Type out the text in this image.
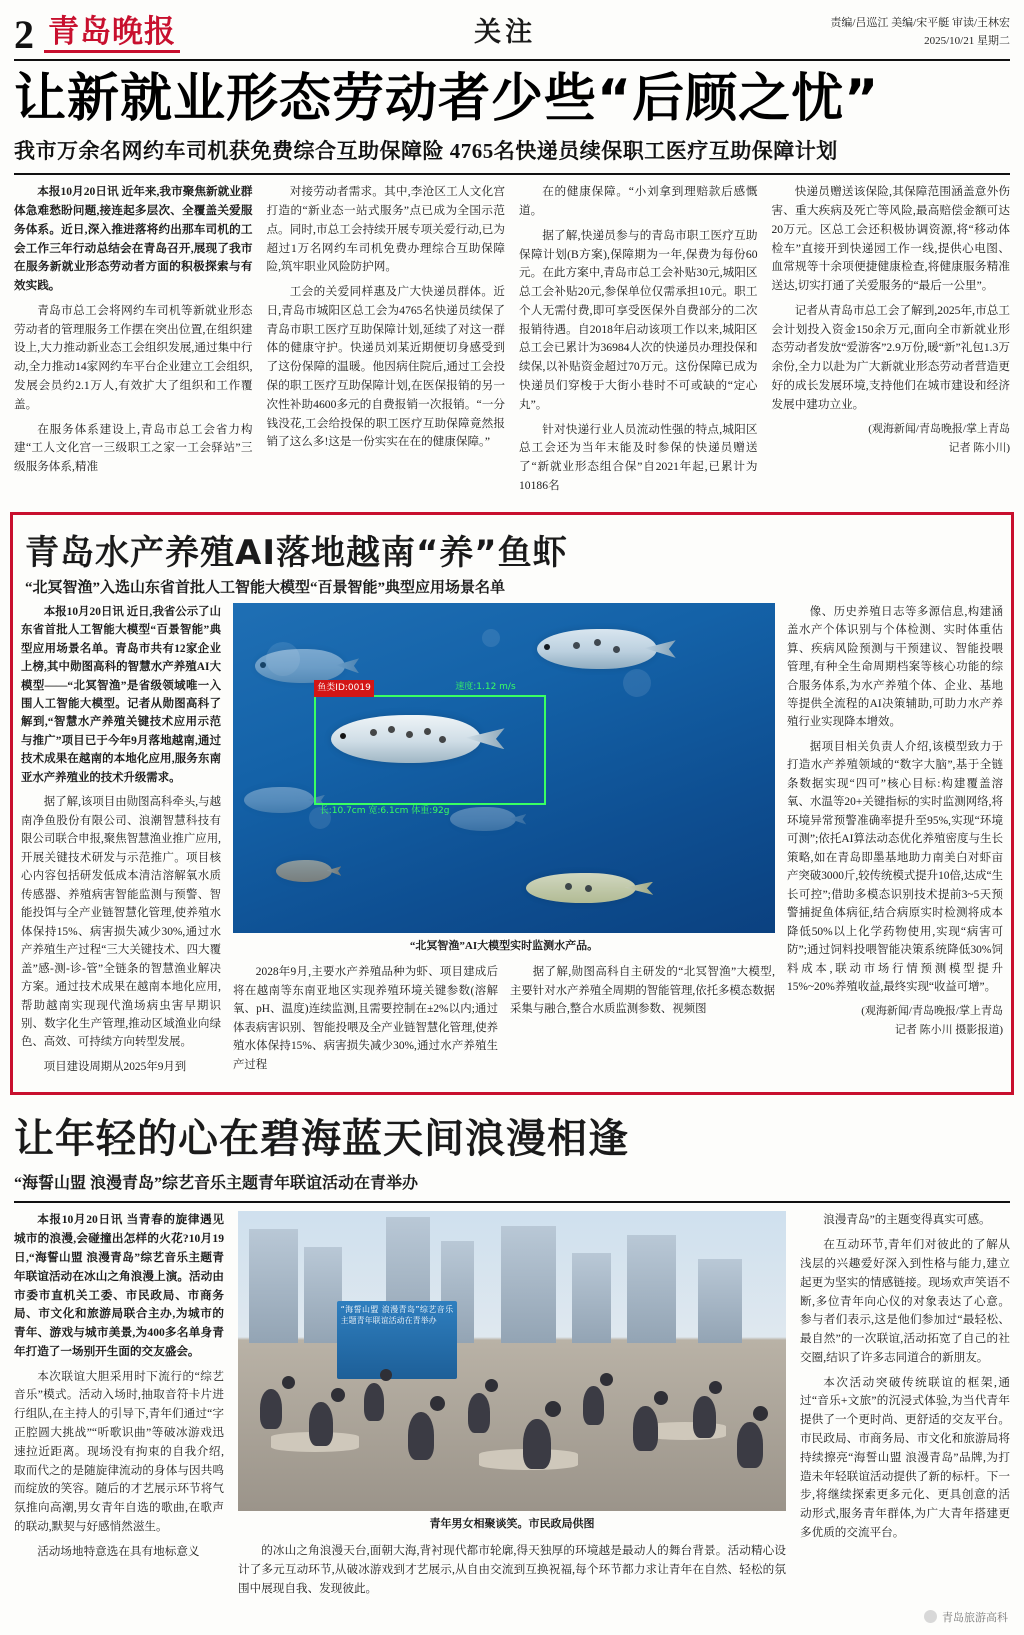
2 青岛晚报	关注	责编/吕巡江 美编/宋平艇 审读/王林宏
2025/10/21 星期二
让新就业形态劳动者少些“后顾之忧”
我市万余名网约车司机获免费综合互助保障险 4765名快递员续保职工医疗互助保障计划

本报10月20日讯 近年来,我市聚焦新就业群体急难愁盼问题,接连起多层次、全覆盖关爱服务体系。近日,深入推进落将约出那车司机的工会工作三年行动总结会在青岛召开,展现了我市在服务新就业形态劳动者方面的积极探索与有效实践。

青岛市总工会将网约车司机等新就业形态劳动者的管理服务工作摆在突出位置,在组织建设上,大力推动新业态工会组织发展,通过集中行动,全力推动14家网约车平台企业建立工会组织,发展会员约2.1万人,有效扩大了组织和工作覆盖。

在服务体系建设上,青岛市总工会省力构建“工人文化宫一三级职工之家一工会驿站”三级服务体系,精准

对接劳动者需求。其中,李沧区工人文化宫打造的“新业态一站式服务”点已成为全国示范点。同时,市总工会持续开展专项关爱行动,已为超过1万名网约车司机免费办理综合互助保障险,筑牢职业风险防护网。

工会的关爱同样惠及广大快递员群体。近日,青岛市城阳区总工会为4765名快递员续保了青岛市职工医疗互助保障计划,延续了对这一群体的健康守护。快递员刘某近期便切身感受到了这份保障的温暖。他因病住院后,通过工会投保的职工医疗互助保障计划,在医保报销的另一次性补助4600多元的自费报销一次报销。“一分钱没花,工会给投保的职工医疗互助保障竟然报销了这么多!这是一份实实在在的健康保障。”

在的健康保障。“小刘拿到理赔款后感慨道。

据了解,快递员参与的青岛市职工医疗互助保障计划(B方案),保障期为一年,保费为每份60元。在此方案中,青岛市总工会补贴30元,城阳区总工会补贴20元,参保单位仅需承担10元。职工个人无需付费,即可享受医保外自费部分的二次报销待遇。自2018年启动该项工作以来,城阳区总工会已累计为36984人次的快递员办理投保和续保,以补贴资金超过70万元。这份保障已成为快递员们穿梭于大街小巷时不可或缺的“定心丸”。

针对快递行业人员流动性强的特点,城阳区总工会还为当年末能及时参保的快递员赠送了“新就业形态组合保”自2021年起,已累计为10186名

快递员赠送该保险,其保障范围涵盖意外伤害、重大疾病及死亡等风险,最高赔偿金额可达20万元。区总工会还积极协调资源,将“移动体检车”直接开到快递园工作一线,提供心电图、血常规等十余项便捷健康检查,将健康服务精准送达,切实打通了关爱服务的“最后一公里”。

记者从青岛市总工会了解到,2025年,市总工会计划投入资金150余万元,面向全市新就业形态劳动者发放“爱游客”2.9万份,暖“新”礼包1.3万余份,全力以赴为广大新就业形态劳动者营造更好的成长发展环境,支持他们在城市建设和经济发展中建功立业。

(观海新闻/青岛晚报/掌上青岛
记者 陈小川)
青岛水产养殖AI落地越南“养”鱼虾
“北冥智渔”入选山东省首批人工智能大模型“百景智能”典型应用场景名单

本报10月20日讯 近日,我省公示了山东省首批人工智能大模型“百景智能”典型应用场景名单。青岛市共有12家企业上榜,其中勋图高科的智慧水产养殖AI大模型——“北冥智渔”是省级领域唯一入围人工智能大模型。记者从勋图高科了解到,“智慧水产养殖关键技术应用示范与推广”项目已于今年9月落地越南,通过技术成果在越南的本地化应用,服务东南亚水产养殖业的技术升级需求。

据了解,该项目由勋图高科牵头,与越南净鱼股份有限公司、浪潮智慧科技有限公司联合申报,聚焦智慧渔业推广应用,开展关键技术研发与示范推广。项目核心内容包括研发低成本清洁溶解氧水质传感器、养殖病害智能监测与预警、智能投饵与全产业链智慧化管理,使养殖水体保持15%、病害损失减少30%,通过水产养殖生产过程“三大关键技术、四大覆盖”感-测-诊-管”全链条的智慧渔业解决方案。通过技术成果在越南本地化应用,帮助越南实现现代渔场病虫害早期识别、数字化生产管理,推动区域渔业向绿色、高效、可持续方向转型发展。

项目建设周期从2025年9月到

鱼类ID:0019	速度:1.12 m/s
长:10.7cm 宽:6.1cm 体重:92g
“北冥智渔”AI大模型实时监测水产品。

2028年9月,主要水产养殖品种为虾、项目建成后将在越南等东南亚地区实现养殖环境关键参数(溶解氧、pH、温度)连续监测,且需要控制在±2%以内;通过体表病害识别、智能投喂及全产业链智慧化管理,使养殖水体保持15%、病害损失减少30%,通过水产养殖生产过程

据了解,勋图高科自主研发的“北冥智渔”大模型,主要针对水产养殖全周期的智能管理,依托多模态数据采集与融合,整合水质监测参数、视频图

像、历史养殖日志等多源信息,构建涵盖水产个体识别与个体检测、实时体重估算、疾病风险预测与干预建议、智能投喂管理,有种全生命周期档案等核心功能的综合服务体系,为水产养殖个体、企业、基地等提供全流程的AI决策辅助,可助力水产养殖行业实现降本增效。

据项目相关负责人介绍,该模型致力于打造水产养殖领域的“数字大脑”,基于全链条数据实现“四可”核心目标:构建覆盖溶氧、水温等20+关键指标的实时监测网络,将环境异常预警准确率提升至95%,实现“环境可测”;依托AI算法动态优化养殖密度与生长策略,如在青岛即墨基地助力南美白对虾亩产突破3000斤,较传统模式提升10倍,达成“生长可控”;借助多模态识别技术提前3~5天预警捕捉鱼体病征,结合病原实时检测将成本降低50%以上化学药物使用,实现“病害可防”;通过饲料投喂智能决策系统降低30%饲料成本,联动市场行情预测模型提升15%~20%养殖收益,最终实现“收益可增”。

(观海新闻/青岛晚报/掌上青岛
记者 陈小川 摄影报道)
让年轻的心在碧海蓝天间浪漫相逢
“海誓山盟 浪漫青岛”综艺音乐主题青年联谊活动在青举办

本报10月20日讯 当青春的旋律遇见城市的浪漫,会碰撞出怎样的火花?10月19日,“海誓山盟 浪漫青岛”综艺音乐主题青年联谊活动在冰山之角浪漫上演。活动由市委市直机关工委、市民政局、市商务局、市文化和旅游局联合主办,为城市的青年、游戏与城市美景,为400多名单身青年打造了一场别开生面的交友盛会。

本次联谊大胆采用时下流行的“综艺音乐”模式。活动入场时,抽取音符卡片进行组队,在主持人的引导下,青年们通过“字正腔圆大挑战”“听歌识曲”等破冰游戏迅速拉近距离。现场没有拘束的自我介绍,取而代之的是随旋律流动的身体与因共鸣而绽放的笑容。随后的才艺展示环节将气氛推向高潮,男女青年自选的歌曲,在歌声的联动,默契与好感悄然滋生。

活动场地特意选在具有地标意义

“海誓山盟 浪漫青岛”综艺音乐主题青年联谊活动在青举办
青年男女相聚谈笑。市民政局供图

的冰山之角浪漫天台,面朝大海,背衬现代都市轮廓,得天独厚的环境越是最动人的舞台背景。活动精心设计了多元互动环节,从破冰游戏到才艺展示,从自由交流到互换祝福,每个环节都力求让青年在自然、轻松的氛围中展现自我、发现彼此。

浪漫青岛”的主题变得真实可感。

在互动环节,青年们对彼此的了解从浅层的兴趣爱好深入到性格与能力,建立起更为坚实的情感链接。现场欢声笑语不断,多位青年向心仪的对象表达了心意。参与者们表示,这是他们参加过“最轻松、最自然”的一次联谊,活动拓宽了自己的社交圈,结识了许多志同道合的新朋友。

本次活动突破传统联谊的框架,通过“音乐+文旅”的沉浸式体验,为当代青年提供了一个更时尚、更舒适的交友平台。市民政局、市商务局、市文化和旅游局将持续擦亮“海誓山盟 浪漫青岛”品牌,为打造未年轻联谊活动提供了新的标杆。下一步,将继续探索更多元化、更具创意的活动形式,服务青年群体,为广大青年搭建更多优质的交流平台。

青岛旅游高科
